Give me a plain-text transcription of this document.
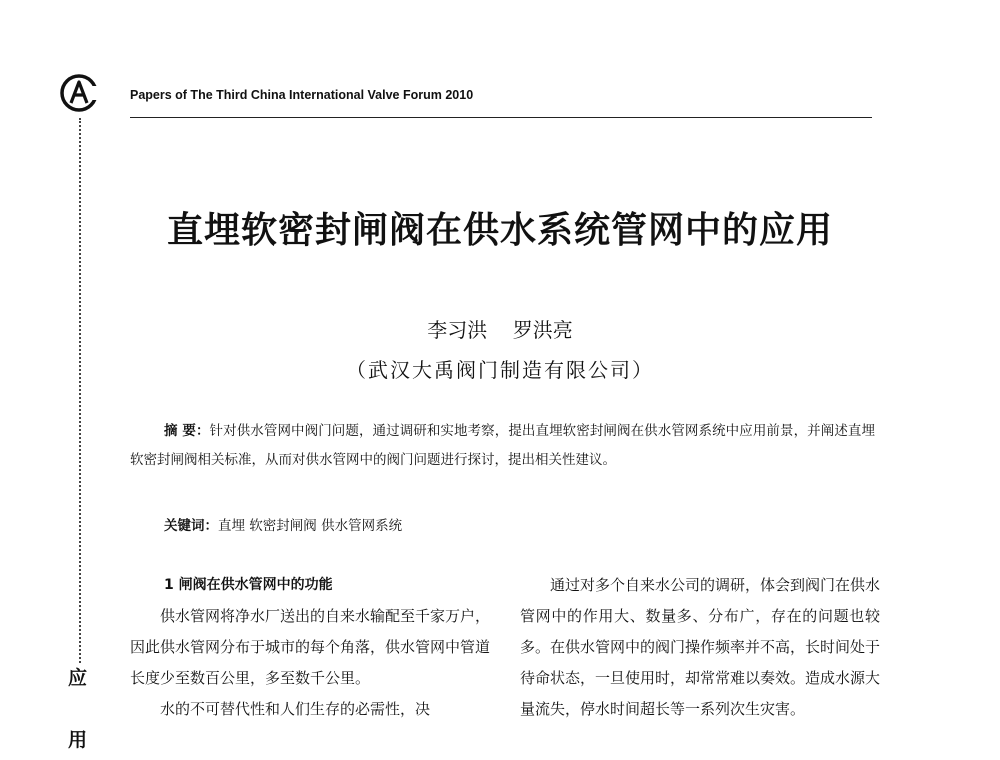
CA
Papers of The Third China International Valve Forum 2010
应
用
直埋软密封闸阀在供水系统管网中的应用
李习洪    罗洪亮
（武汉大禹阀门制造有限公司）

摘 要：针对供水管网中阀门问题，通过调研和实地考察，提出直埋软密封闸阀在供水管网系统中应用前景，并阐述直埋软密封闸阀相关标准，从而对供水管网中的阀门问题进行探讨，提出相关性建议。

关键词：直埋 软密封闸阀 供水管网系统

1 闸阀在供水管网中的功能

供水管网将净水厂送出的自来水输配至千家万户，因此供水管网分布于城市的每个角落，供水管网中管道长度少至数百公里，多至数千公里。

水的不可替代性和人们生存的必需性，决

通过对多个自来水公司的调研，体会到阀门在供水管网中的作用大、数量多、分布广，存在的问题也较多。在供水管网中的阀门操作频率并不高，长时间处于待命状态，一旦使用时，却常常难以奏效。造成水源大量流失，停水时间超长等一系列次生灾害。
